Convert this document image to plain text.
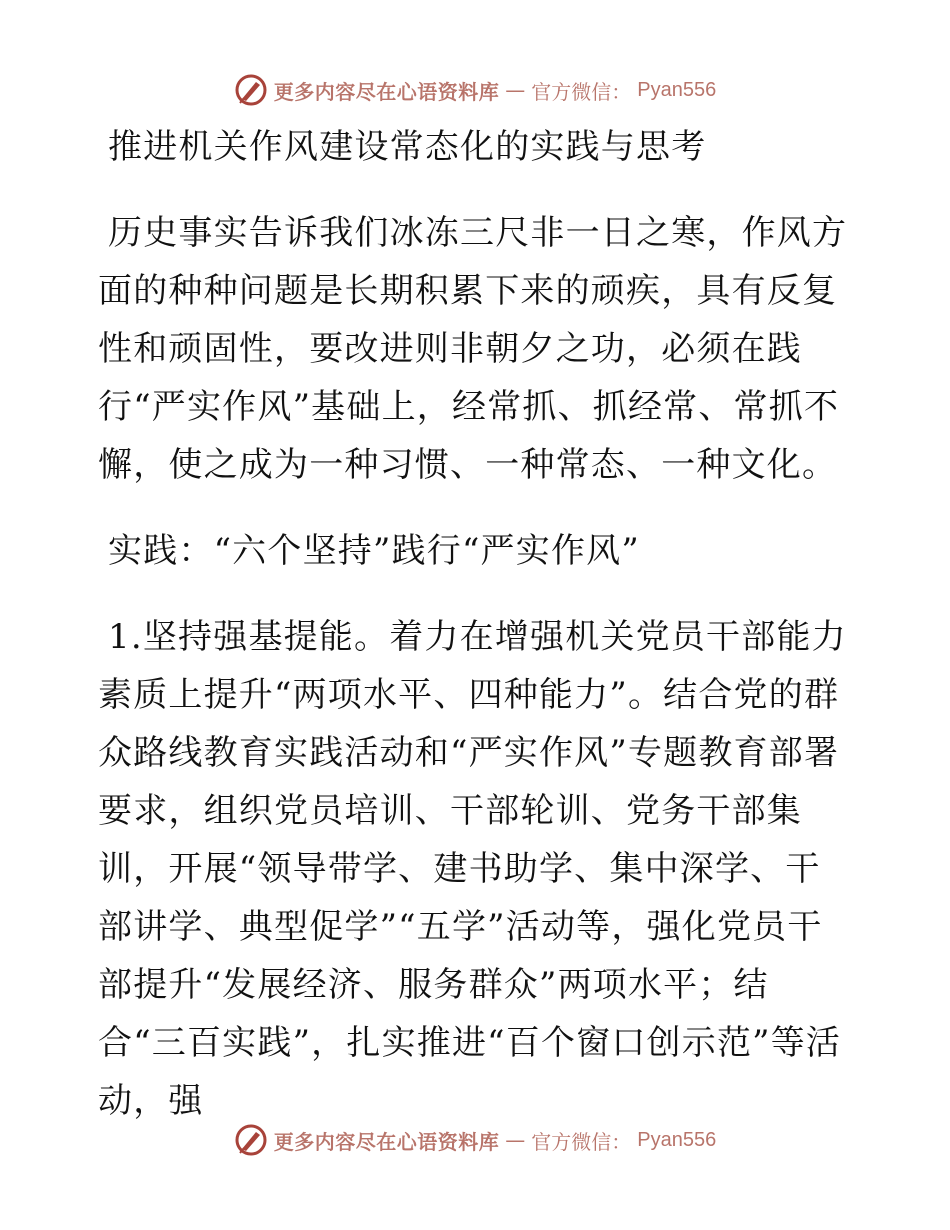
更多内容尽在心语资料库 — 官方微信： Pyan556

推进机关作风建设常态化的实践与思考

历史事实告诉我们冰冻三尺非一日之寒，作风方面的种种问题是长期积累下来的顽疾，具有反复性和顽固性，要改进则非朝夕之功，必须在践行“严实作风”基础上，经常抓、抓经常、常抓不懈，使之成为一种习惯、一种常态、一种文化。

实践：“六个坚持”践行“严实作风”

1.坚持强基提能。着力在增强机关党员干部能力素质上提升“两项水平、四种能力”。结合党的群众路线教育实践活动和“严实作风”专题教育部署要求，组织党员培训、干部轮训、党务干部集训，开展“领导带学、建书助学、集中深学、干部讲学、典型促学”“五学”活动等，强化党员干部提升“发展经济、服务群众”两项水平；结合“三百实践”，扎实推进“百个窗口创示范”等活动，强

更多内容尽在心语资料库 — 官方微信： Pyan556
